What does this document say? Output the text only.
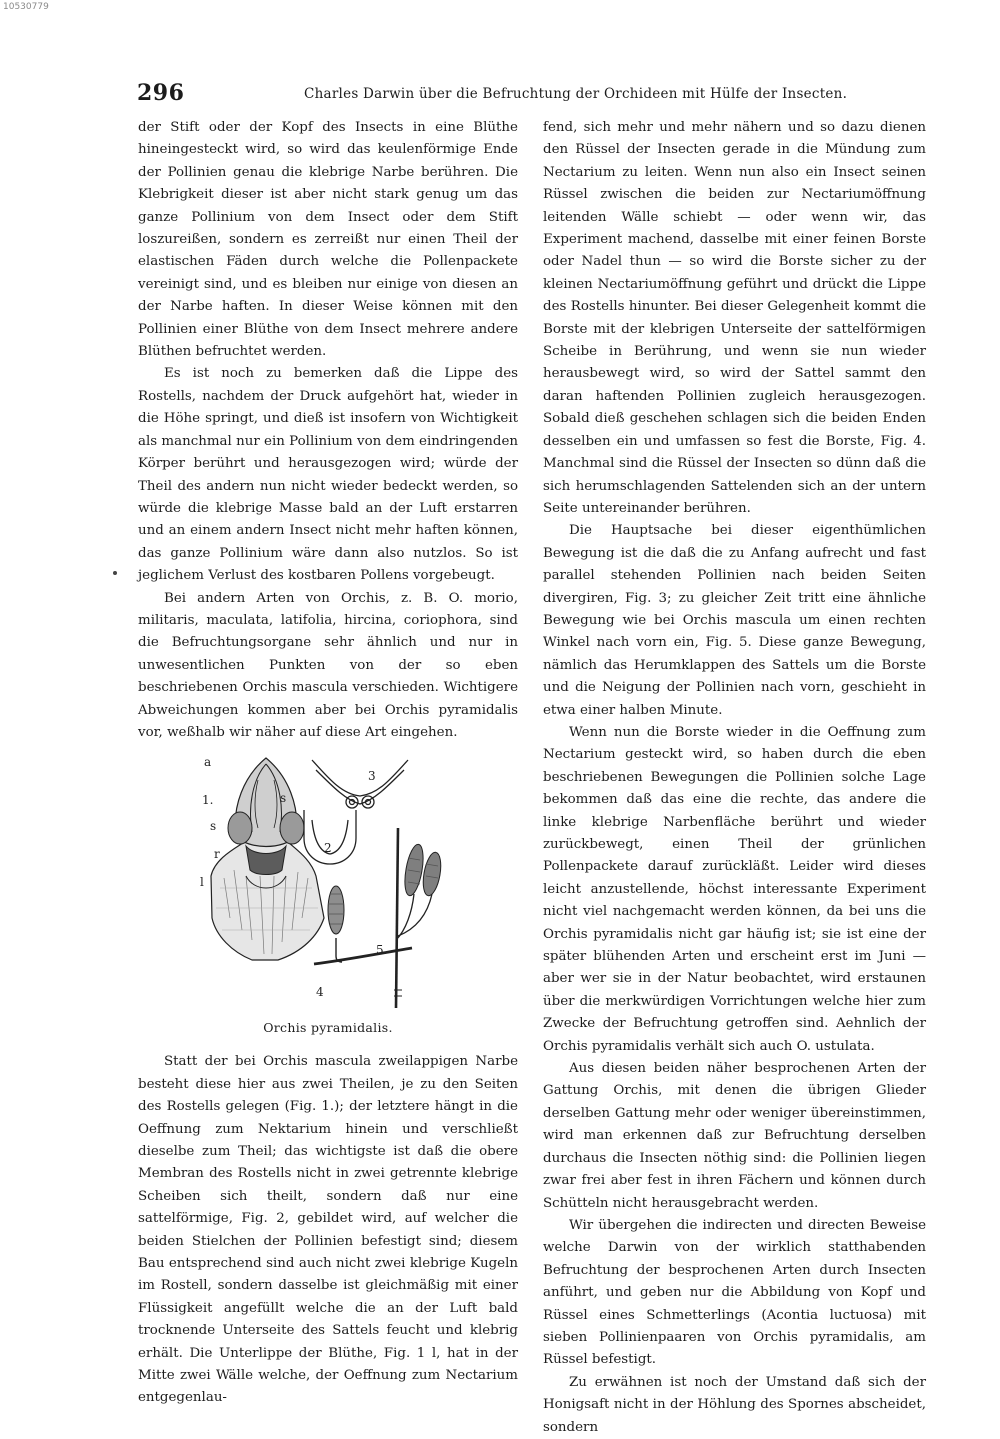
10530779
296	Charles Darwin über die Befruchtung der Orchideen mit Hülfe der Insecten.

der Stift oder der Kopf des Insects in eine Blüthe hineingesteckt wird, so wird das keulenförmige Ende der Pollinien genau die klebrige Narbe berühren. Die Klebrigkeit dieser ist aber nicht stark genug um das ganze Pollinium von dem Insect oder dem Stift loszureißen, sondern es zerreißt nur einen Theil der elastischen Fäden durch welche die Pollenpackete vereinigt sind, und es bleiben nur einige von diesen an der Narbe haften. In dieser Weise können mit den Pollinien einer Blüthe von dem Insect mehrere andere Blüthen befruchtet werden.

Es ist noch zu bemerken daß die Lippe des Rostells, nachdem der Druck aufgehört hat, wieder in die Höhe springt, und dieß ist insofern von Wichtigkeit als manchmal nur ein Pollinium von dem eindringenden Körper berührt und herausgezogen wird; würde der Theil des andern nun nicht wieder bedeckt werden, so würde die klebrige Masse bald an der Luft erstarren und an einem andern Insect nicht mehr haften können, das ganze Pollinium wäre dann also nutzlos. So ist jeglichem Verlust des kostbaren Pollens vorgebeugt.

Bei andern Arten von Orchis, z. B. O. morio, militaris, maculata, latifolia, hircina, coriophora, sind die Befruchtungsorgane sehr ähnlich und nur in unwesentlichen Punkten von der so eben beschriebenen Orchis mascula verschieden. Wichtigere Abweichungen kommen aber bei Orchis pyramidalis vor, weßhalb wir näher auf diese Art eingehen.

a
1.	s
s
r
l
2
3
4
5.
Orchis pyramidalis.

Statt der bei Orchis mascula zweilappigen Narbe besteht diese hier aus zwei Theilen, je zu den Seiten des Rostells gelegen (Fig. 1.); der letztere hängt in die Oeffnung zum Nektarium hinein und verschließt dieselbe zum Theil; das wichtigste ist daß die obere Membran des Rostells nicht in zwei getrennte klebrige Scheiben sich theilt, sondern daß nur eine sattelförmige, Fig. 2, gebildet wird, auf welcher die beiden Stielchen der Pollinien befestigt sind; diesem Bau entsprechend sind auch nicht zwei klebrige Kugeln im Rostell, sondern dasselbe ist gleichmäßig mit einer Flüssigkeit angefüllt welche die an der Luft bald trocknende Unterseite des Sattels feucht und klebrig erhält. Die Unterlippe der Blüthe, Fig. 1 l, hat in der Mitte zwei Wälle welche, der Oeffnung zum Nectarium entgegenlau-

fend, sich mehr und mehr nähern und so dazu dienen den Rüssel der Insecten gerade in die Mündung zum Nectarium zu leiten. Wenn nun also ein Insect seinen Rüssel zwischen die beiden zur Nectariumöffnung leitenden Wälle schiebt — oder wenn wir, das Experiment machend, dasselbe mit einer feinen Borste oder Nadel thun — so wird die Borste sicher zu der kleinen Nectariumöffnung geführt und drückt die Lippe des Rostells hinunter. Bei dieser Gelegenheit kommt die Borste mit der klebrigen Unterseite der sattelförmigen Scheibe in Berührung, und wenn sie nun wieder herausbewegt wird, so wird der Sattel sammt den daran haftenden Pollinien zugleich herausgezogen. Sobald dieß geschehen schlagen sich die beiden Enden desselben ein und umfassen so fest die Borste, Fig. 4. Manchmal sind die Rüssel der Insecten so dünn daß die sich herumschlagenden Sattelenden sich an der untern Seite untereinander berühren.

Die Hauptsache bei dieser eigenthümlichen Bewegung ist die daß die zu Anfang aufrecht und fast parallel stehenden Pollinien nach beiden Seiten divergiren, Fig. 3; zu gleicher Zeit tritt eine ähnliche Bewegung wie bei Orchis mascula um einen rechten Winkel nach vorn ein, Fig. 5. Diese ganze Bewegung, nämlich das Herumklappen des Sattels um die Borste und die Neigung der Pollinien nach vorn, geschieht in etwa einer halben Minute.

Wenn nun die Borste wieder in die Oeffnung zum Nectarium gesteckt wird, so haben durch die eben beschriebenen Bewegungen die Pollinien solche Lage bekommen daß das eine die rechte, das andere die linke klebrige Narbenfläche berührt und wieder zurückbewegt, einen Theil der grünlichen Pollenpackete darauf zurückläßt. Leider wird dieses leicht anzustellende, höchst interessante Experiment nicht viel nachgemacht werden können, da bei uns die Orchis pyramidalis nicht gar häufig ist; sie ist eine der später blühenden Arten und erscheint erst im Juni — aber wer sie in der Natur beobachtet, wird erstaunen über die merkwürdigen Vorrichtungen welche hier zum Zwecke der Befruchtung getroffen sind. Aehnlich der Orchis pyramidalis verhält sich auch O. ustulata.

Aus diesen beiden näher besprochenen Arten der Gattung Orchis, mit denen die übrigen Glieder derselben Gattung mehr oder weniger übereinstimmen, wird man erkennen daß zur Befruchtung derselben durchaus die Insecten nöthig sind: die Pollinien liegen zwar frei aber fest in ihren Fächern und können durch Schütteln nicht herausgebracht werden.

Wir übergehen die indirecten und directen Beweise welche Darwin von der wirklich statthabenden Befruchtung der besprochenen Arten durch Insecten anführt, und geben nur die Abbildung von Kopf und Rüssel eines Schmetterlings (Acontia luctuosa) mit sieben Pollinienpaaren von Orchis pyramidalis, am Rüssel befestigt.

Zu erwähnen ist noch der Umstand daß sich der Honigsaft nicht in der Höhlung des Spornes abscheidet, sondern
